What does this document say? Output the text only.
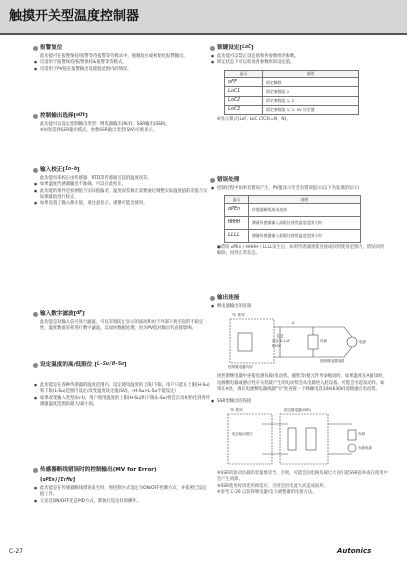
触摸开关型温度控制器
报警复位
此功能可在报警保持/报警等待报警等待模式中，强制复位或初始化报警输出。
● 仅适用于报警保持/报警保持&报警等待模式。
● 仅适用于PV值在报警输出设置值范围内的情况。
控制输出选择[ oUt ]
此功能可以设定控制输出类型：继电器输出(RLY)，SSR输出(SSR)。
※如果选择SSR输出模式，参数SSR输出类型(StV)可被显示。
输入校正[ In-b ]
此功能用来校正由传感器、RTD等传感器引起的温度误差。
● 如果温度传感器输出不准确，可以在此校正。
● 此功能的条件是检测值与实际值偏差。温度误差修正需要通过调整实际温度值的差值与实际测量值进行校正。
● 如果设置了输入修正值，请注意显示，谨慎可能会使用。
输入数字滤波[ dF ]
此功能是对输入信号进行滤波，可以有效防止显示的波动和由于外部干扰引起的不稳定性，温度数值采样进行数字滤波，以加快数据处理，因为PV值对输出有直接影响。
设定温度的高/低限位 [ L-Su/H-Su ]
● 此功能是在各种传感器的温度范围内，设定使用温度的上限/下限。用户只能在上限(H-Su)和下限(L-Su)范围内设定/改变温度设定值(SV)。（H-Su>L-Su不能设定）
● 如果改变输入类型(In-t)，用户使用温度的上限(H-Su)和下限(L-Su)将会自动初始化到各传感器温度范围的最大/最小值。
传感器断线错误时的控制输出(MV for Error)
( oPEn)[ErMu ]
● 此功能是在传感器断线错误发生时，将控制方式设定为ON/OFF控制方式，并依照已设定值工作。
● 无论是ON/OFF还是PID方式，都执行设定好的操作。
锁键设定[ LoC ]
● 此功能可以禁止设定值和各参数组的参数。
● 锁定状态下可以检查各参数组的设定值。
显示	说明
oFF	锁定解除
LoC1	锁定参数组 2
LoC2	锁定参数组 1, 2
LoC3	锁定参数组 1, 2, SV 设定值
※显示模式(LoF, LoC LTC4/=N、N)。
错误处理
● 控制过程中如果有错误产生，PV值显示至会有错误提示(以下为发现的显示)
显示	说明
oPEn	传感器断线或未连接
HHHH	测量传感器输入高限比使用温度范围大时
LLLL	测量传感器输入低限比使用温度范围小时
●错误 oPEn / HHHH / LLLL发生后，如果传感器重新连接或回到使用范围内，错误回到解除，回到正常状态。
输出连接
● 继电器输出的连接
TC 系列
A
电容 0.1uF 630V
负载	电源
控制继电器内部
按制继电器电路
因控制继电器中连接电感负载(电动机、磁铁等)使元件寿命缩短时，如果温度在A值知时，电源断电器或感应性开关装载产生的电动势会从电源进入此设备。可能会引起误动作。如果在A处，请在电源侧电器线圈"Ⓡ"处连接一个降额电容104(630V)消除感应电动势。
● SSR型输出的连接
TC 系列	固态继电器(SSR)
电压输出端子	负载
负载电源
※SSR的驱动负载的容量要适当，否则，可能会因电路负载过大而引起SSR损坏或在使用中会产生故障。
※SSR使用时请选用相适应。否则会因电流大而造成损坏。
※参考 C-26 以获得继电器/电力调整器的连接方法。
C-27	Autonics
